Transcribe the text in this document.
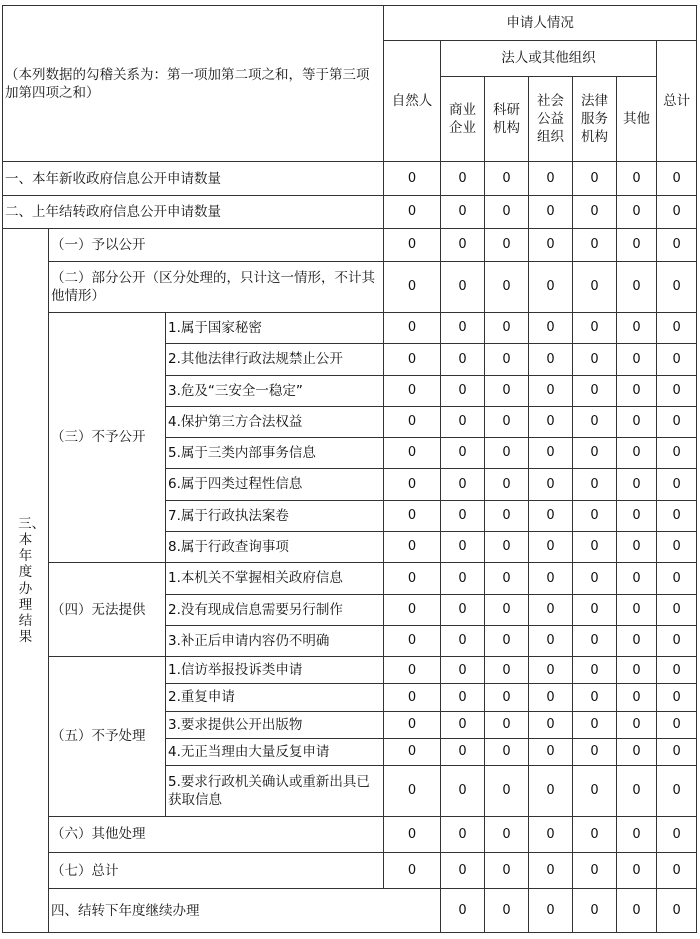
（本列数据的勾稽关系为：第一项加第二项之和，等于第三项加第四项之和）			申请人情况							
			自然人	法人或其他组织					总计	

				商业企业	科研机构	社会公益组织	法律服务机构	其他		
一、本年新收政府信息公开申请数量			0	0	0	0	0	0	0	
二、上年结转政府信息公开申请数量			0	0	0	0	0	0	0	

三、本年度办理结果	（一）予以公开		0	0	0	0	0	0	0	
	（二）部分公开（区分处理的，只计这一情形，不计其他情形）		0	0	0	0	0	0	0	
	（三）不予公开	1.属于国家秘密	0	0	0	0	0	0	0	
		2.其他法律行政法规禁止公开	0	0	0	0	0	0	0	
		3.危及“三安全一稳定”	0	0	0	0	0	0	0	
		4.保护第三方合法权益	0	0	0	0	0	0	0	
		5.属于三类内部事务信息	0	0	0	0	0	0	0	
		6.属于四类过程性信息	0	0	0	0	0	0	0	
		7.属于行政执法案卷	0	0	0	0	0	0	0	
		8.属于行政查询事项	0	0	0	0	0	0	0	
	（四）无法提供	1.本机关不掌握相关政府信息	0	0	0	0	0	0	0	
		2.没有现成信息需要另行制作	0	0	0	0	0	0	0	
		3.补正后申请内容仍不明确	0	0	0	0	0	0	0	
	（五）不予处理	1.信访举报投诉类申请	0	0	0	0	0	0	0	
		2.重复申请	0	0	0	0	0	0	0	
		3.要求提供公开出版物	0	0	0	0	0	0	0	
		4.无正当理由大量反复申请	0	0	0	0	0	0	0	
		5.要求行政机关确认或重新出具已获取信息	0	0	0	0	0	0	0	
	（六）其他处理		0	0	0	0	0	0	0	
	（七）总计		0	0	0	0	0	0	0	
	四、结转下年度继续办理			0	0	0	0	0	0	
